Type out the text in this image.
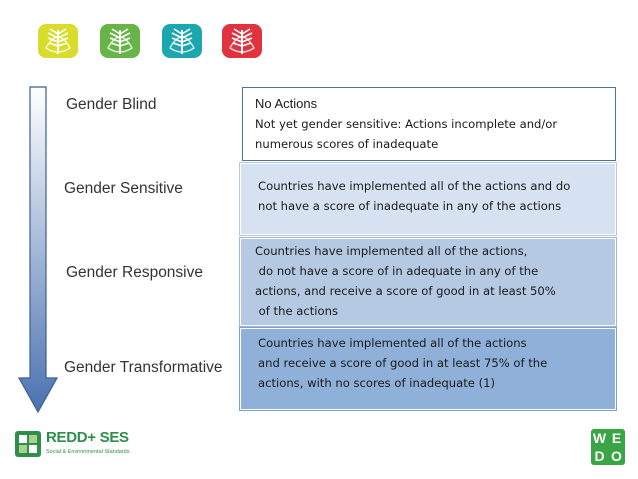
Gender Blind
Gender Sensitive
Gender Responsive
Gender Transformative
No Actions
Not yet gender sensitive: Actions incomplete and/or
numerous scores of inadequate
Countries have implemented all of the actions and do
not have a score of inadequate in any of the actions
Countries have implemented all of the actions,
do not have a score of in adequate in any of the
actions, and receive a score of good in at least 50%
of the actions
Countries have implemented all of the actions
and receive a score of good in at least 75% of the
actions, with no scores of inadequate (1)
REDD+ SES
Social & Environmental Standards
W E
D O
